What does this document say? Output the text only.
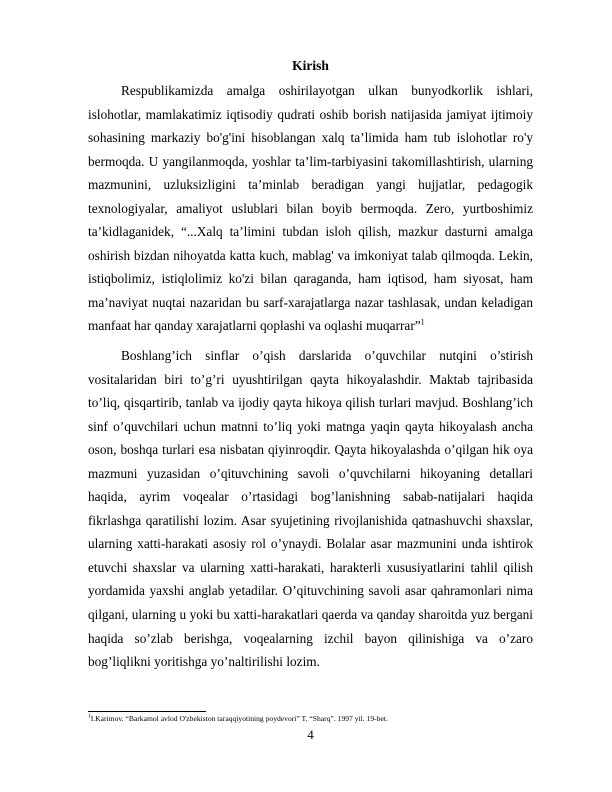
Kirish

Respublikamizda amalga oshirilayotgan ulkan bunyodkorlik ishlari, islohotlar, mamlakatimiz iqtisodiy qudrati oshib borish natijasida jamiyat ijtimoiy sohasining markaziy bo'g'ini hisoblangan xalq ta’limida ham tub islohotlar ro'y bermoqda. U yangilanmoqda, yoshlar ta’lim-tarbiyasini takomillashtirish, ularning mazmunini, uzluksizligini ta’minlab beradigan yangi hujjatlar, pedagogik texnologiyalar, amaliyot uslublari bilan boyib bermoqda. Zero, yurtboshimiz ta’kidlaganidek, “...Xalq ta’limini tubdan isloh qilish, mazkur dasturni amalga oshirish bizdan nihoyatda katta kuch, mablag' va imkoniyat talab qilmoqda. Lekin, istiqbolimiz, istiqlolimiz ko'zi bilan qaraganda, ham iqtisod, ham siyosat, ham ma’naviyat nuqtai nazaridan bu sarf-xarajatlarga nazar tashlasak, undan keladigan manfaat har qanday xarajatlarni qoplashi va oqlashi muqarrar”$^1$

Boshlang’ich sinflar o’qish darslarida o’quvchilar nutqini o’stirish vositalaridan biri to’g’ri uyushtirilgan qayta hikoyalashdir. Maktab tajribasida to’liq, qisqartirib, tanlab va ijodiy qayta hikoya qilish turlari mavjud. Boshlang’ich sinf o’quvchilari uchun matnni to’liq yoki matnga yaqin qayta hikoyalash ancha oson, boshqa turlari esa nisbatan qiyinroqdir. Qayta hikoyalashda o’qilgan hik oya mazmuni yuzasidan o’qituvchining savoli o’quvchilarni hikoyaning detallari haqida, ayrim voqealar o’rtasidagi bog’lanishning sabab-natijalari haqida fikrlashga qaratilishi lozim. Asar syujetining rivojlanishida qatnashuvchi shaxslar, ularning xatti-harakati asosiy rol o’ynaydi. Bolalar asar mazmunini unda ishtirok etuvchi shaxslar va ularning xatti-harakati, harakterli xususiyatlarini tahlil qilish yordamida yaxshi anglab yetadilar. O’qituvchining savoli asar qahramonlari nima qilgani, ularning u yoki bu xatti-harakatlari qaerda va qanday sharoitda yuz bergani haqida so’zlab berishga, voqealarning izchil bayon qilinishiga va o’zaro bog’liqlikni yoritishga yo’naltirilishi lozim.

$^1$I.Karimov. “Barkamol avlod O'zbekiston taraqqiyotining poydevori” T. “Sharq”. 1997 yil. 19-bet.
4
